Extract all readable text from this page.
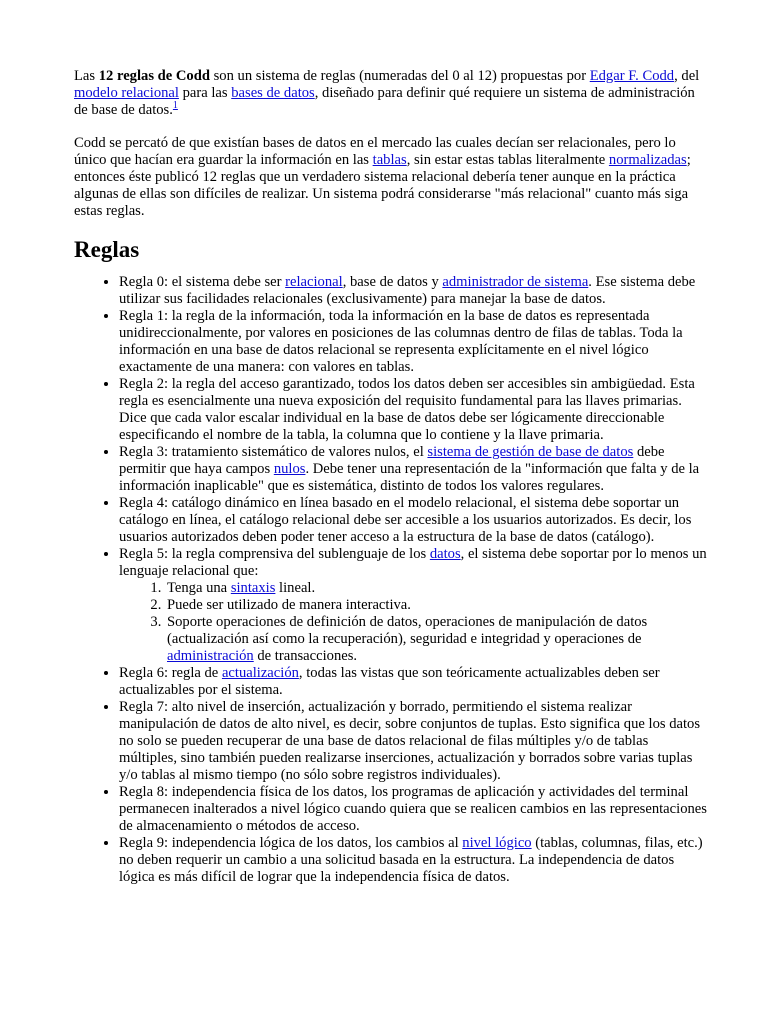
Las 12 reglas de Codd son un sistema de reglas (numeradas del 0 al 12) propuestas por Edgar F. Codd, del modelo relacional para las bases de datos, diseñado para definir qué requiere un sistema de administración de base de datos.$^1$

Codd se percató de que existían bases de datos en el mercado las cuales decían ser relacionales, pero lo único que hacían era guardar la información en las tablas, sin estar estas tablas literalmente normalizadas; entonces éste publicó 12 reglas que un verdadero sistema relacional debería tener aunque en la práctica algunas de ellas son difíciles de realizar. Un sistema podrá considerarse "más relacional" cuanto más siga estas reglas.

Reglas
• Regla 0: el sistema debe ser relacional, base de datos y administrador de sistema. Ese sistema debe utilizar sus facilidades relacionales (exclusivamente) para manejar la base de datos.
• Regla 1: la regla de la información, toda la información en la base de datos es representada unidireccionalmente, por valores en posiciones de las columnas dentro de filas de tablas. Toda la información en una base de datos relacional se representa explícitamente en el nivel lógico exactamente de una manera: con valores en tablas.
• Regla 2: la regla del acceso garantizado, todos los datos deben ser accesibles sin ambigüedad. Esta regla es esencialmente una nueva exposición del requisito fundamental para las llaves primarias. Dice que cada valor escalar individual en la base de datos debe ser lógicamente direccionable especificando el nombre de la tabla, la columna que lo contiene y la llave primaria.
• Regla 3: tratamiento sistemático de valores nulos, el sistema de gestión de base de datos debe permitir que haya campos nulos. Debe tener una representación de la "información que falta y de la información inaplicable" que es sistemática, distinto de todos los valores regulares.
• Regla 4: catálogo dinámico en línea basado en el modelo relacional, el sistema debe soportar un catálogo en línea, el catálogo relacional debe ser accesible a los usuarios autorizados. Es decir, los usuarios autorizados deben poder tener acceso a la estructura de la base de datos (catálogo).
• Regla 5: la regla comprensiva del sublenguaje de los datos, el sistema debe soportar por lo menos un lenguaje relacional que:
1. Tenga una sintaxis lineal.
2. Puede ser utilizado de manera interactiva.
3. Soporte operaciones de definición de datos, operaciones de manipulación de datos (actualización así como la recuperación), seguridad e integridad y operaciones de administración de transacciones.
• Regla 6: regla de actualización, todas las vistas que son teóricamente actualizables deben ser actualizables por el sistema.
• Regla 7: alto nivel de inserción, actualización y borrado, permitiendo el sistema realizar manipulación de datos de alto nivel, es decir, sobre conjuntos de tuplas. Esto significa que los datos no solo se pueden recuperar de una base de datos relacional de filas múltiples y/o de tablas múltiples, sino también pueden realizarse inserciones, actualización y borrados sobre varias tuplas y/o tablas al mismo tiempo (no sólo sobre registros individuales).
• Regla 8: independencia física de los datos, los programas de aplicación y actividades del terminal permanecen inalterados a nivel lógico cuando quiera que se realicen cambios en las representaciones de almacenamiento o métodos de acceso.
• Regla 9: independencia lógica de los datos, los cambios al nivel lógico (tablas, columnas, filas, etc.) no deben requerir un cambio a una solicitud basada en la estructura. La independencia de datos lógica es más difícil de lograr que la independencia física de datos.
